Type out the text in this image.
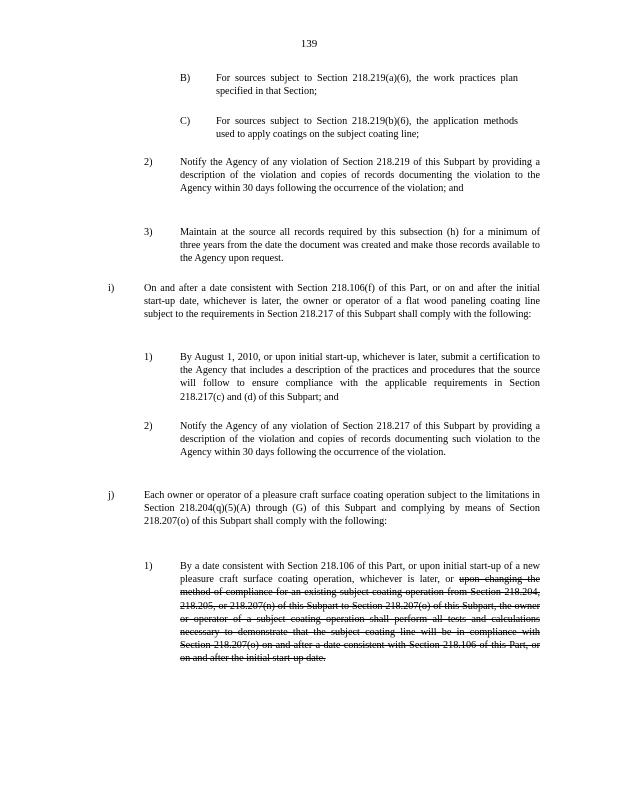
139
B)	For sources subject to Section 218.219(a)(6), the work practices plan specified in that Section;
C)	For sources subject to Section 218.219(b)(6), the application methods used to apply coatings on the subject coating line;
2)	Notify the Agency of any violation of Section 218.219 of this Subpart by providing a description of the violation and copies of records documenting the violation to the Agency within 30 days following the occurrence of the violation; and
3)	Maintain at the source all records required by this subsection (h) for a minimum of three years from the date the document was created and make those records available to the Agency upon request.
i)	On and after a date consistent with Section 218.106(f) of this Part, or on and after the initial start-up date, whichever is later, the owner or operator of a flat wood paneling coating line subject to the requirements in Section 218.217 of this Subpart shall comply with the following:
1)	By August 1, 2010, or upon initial start-up, whichever is later, submit a certification to the Agency that includes a description of the practices and procedures that the source will follow to ensure compliance with the applicable requirements in Section 218.217(c) and (d) of this Subpart; and
2)	Notify the Agency of any violation of Section 218.217 of this Subpart by providing a description of the violation and copies of records documenting such violation to the Agency within 30 days following the occurrence of the violation.
j)	Each owner or operator of a pleasure craft surface coating operation subject to the limitations in Section 218.204(q)(5)(A) through (G) of this Subpart and complying by means of Section 218.207(o) of this Subpart shall comply with the following:
1)	By a date consistent with Section 218.106 of this Part, or upon initial start-up of a new pleasure craft surface coating operation, whichever is later, or upon changing the method of compliance for an existing subject coating operation from Section 218.204, 218.205, or 218.207(n) of this Subpart to Section 218.207(o) of this Subpart, the owner or operator of a subject coating operation shall perform all tests and calculations necessary to demonstrate that the subject coating line will be in compliance with Section 218.207(o) on and after a date consistent with Section 218.106 of this Part, or on and after the initial start-up date.
